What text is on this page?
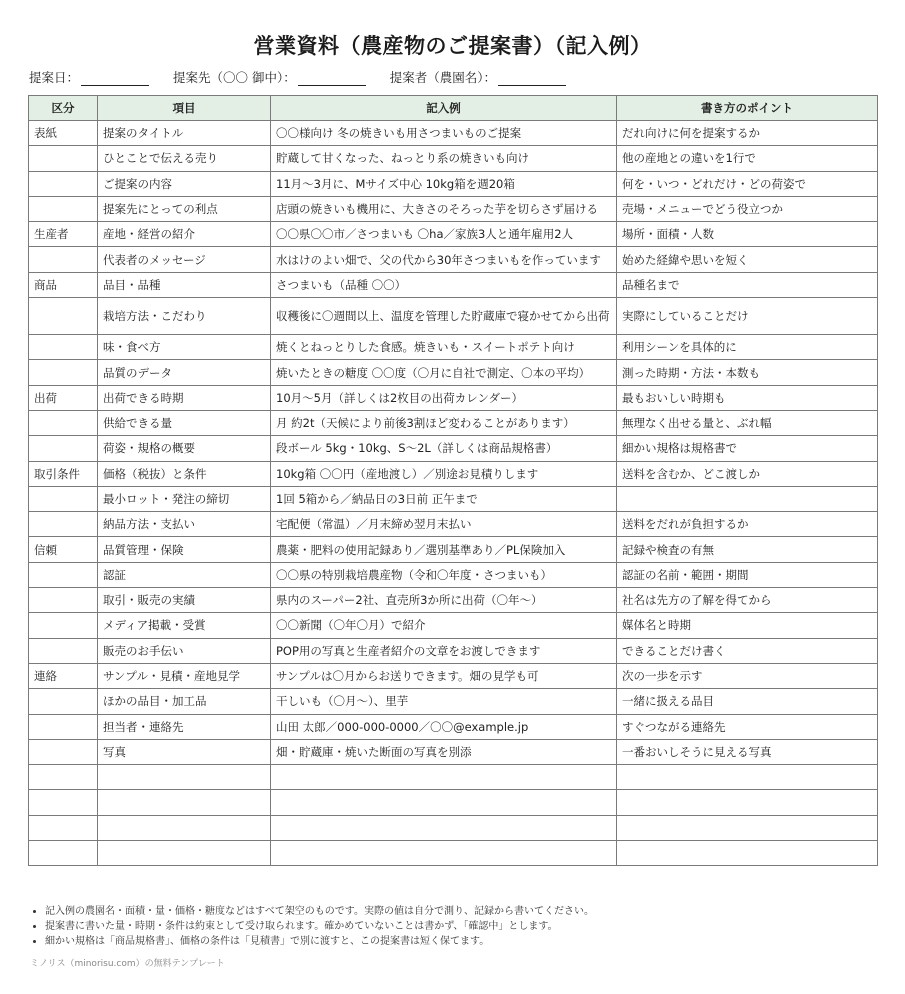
営業資料（農産物のご提案書）（記入例）
提案日：	提案先（〇〇 御中）：	提案者（農園名）：
区分	項目	記入例	書き方のポイント
表紙	提案のタイトル	〇〇様向け 冬の焼きいも用さつまいものご提案	だれ向けに何を提案するか
	ひとことで伝える売り	貯蔵して甘くなった、ねっとり系の焼きいも向け	他の産地との違いを1行で
	ご提案の内容	11月〜3月に、Mサイズ中心 10kg箱を週20箱	何を・いつ・どれだけ・どの荷姿で
	提案先にとっての利点	店頭の焼きいも機用に、大きさのそろった芋を切らさず届ける	売場・メニューでどう役立つか
生産者	産地・経営の紹介	〇〇県〇〇市／さつまいも 〇ha／家族3人と通年雇用2人	場所・面積・人数
	代表者のメッセージ	水はけのよい畑で、父の代から30年さつまいもを作っています	始めた経緯や思いを短く
商品	品目・品種	さつまいも（品種 〇〇）	品種名まで
	栽培方法・こだわり	収穫後に〇週間以上、温度を管理した貯蔵庫で寝かせてから出荷	実際にしていることだけ
	味・食べ方	焼くとねっとりした食感。焼きいも・スイートポテト向け	利用シーンを具体的に
	品質のデータ	焼いたときの糖度 〇〇度（〇月に自社で測定、〇本の平均）	測った時期・方法・本数も
出荷	出荷できる時期	10月〜5月（詳しくは2枚目の出荷カレンダー）	最もおいしい時期も
	供給できる量	月 約2t（天候により前後3割ほど変わることがあります）	無理なく出せる量と、ぶれ幅
	荷姿・規格の概要	段ボール 5kg・10kg、S〜2L（詳しくは商品規格書）	細かい規格は規格書で
取引条件	価格（税抜）と条件	10kg箱 〇〇円（産地渡し）／別途お見積りします	送料を含むか、どこ渡しか
	最小ロット・発注の締切	1回 5箱から／納品日の3日前 正午まで	
	納品方法・支払い	宅配便（常温）／月末締め翌月末払い	送料をだれが負担するか
信頼	品質管理・保険	農薬・肥料の使用記録あり／選別基準あり／PL保険加入	記録や検査の有無
	認証	〇〇県の特別栽培農産物（令和〇年度・さつまいも）	認証の名前・範囲・期間
	取引・販売の実績	県内のスーパー2社、直売所3か所に出荷（〇年〜）	社名は先方の了解を得てから
	メディア掲載・受賞	〇〇新聞（〇年〇月）で紹介	媒体名と時期
	販売のお手伝い	POP用の写真と生産者紹介の文章をお渡しできます	できることだけ書く
連絡	サンプル・見積・産地見学	サンプルは〇月からお送りできます。畑の見学も可	次の一歩を示す
	ほかの品目・加工品	干しいも（〇月〜）、里芋	一緒に扱える品目
	担当者・連絡先	山田 太郎／000-000-0000／〇〇@example.jp	すぐつながる連絡先
	写真	畑・貯蔵庫・焼いた断面の写真を別添	一番おいしそうに見える写真

• 記入例の農園名・面積・量・価格・糖度などはすべて架空のものです。実際の値は自分で測り、記録から書いてください。
• 提案書に書いた量・時期・条件は約束として受け取られます。確かめていないことは書かず、「確認中」とします。
• 細かい規格は「商品規格書」、価格の条件は「見積書」で別に渡すと、この提案書は短く保てます。
ミノリス（minorisu.com）の無料テンプレート
